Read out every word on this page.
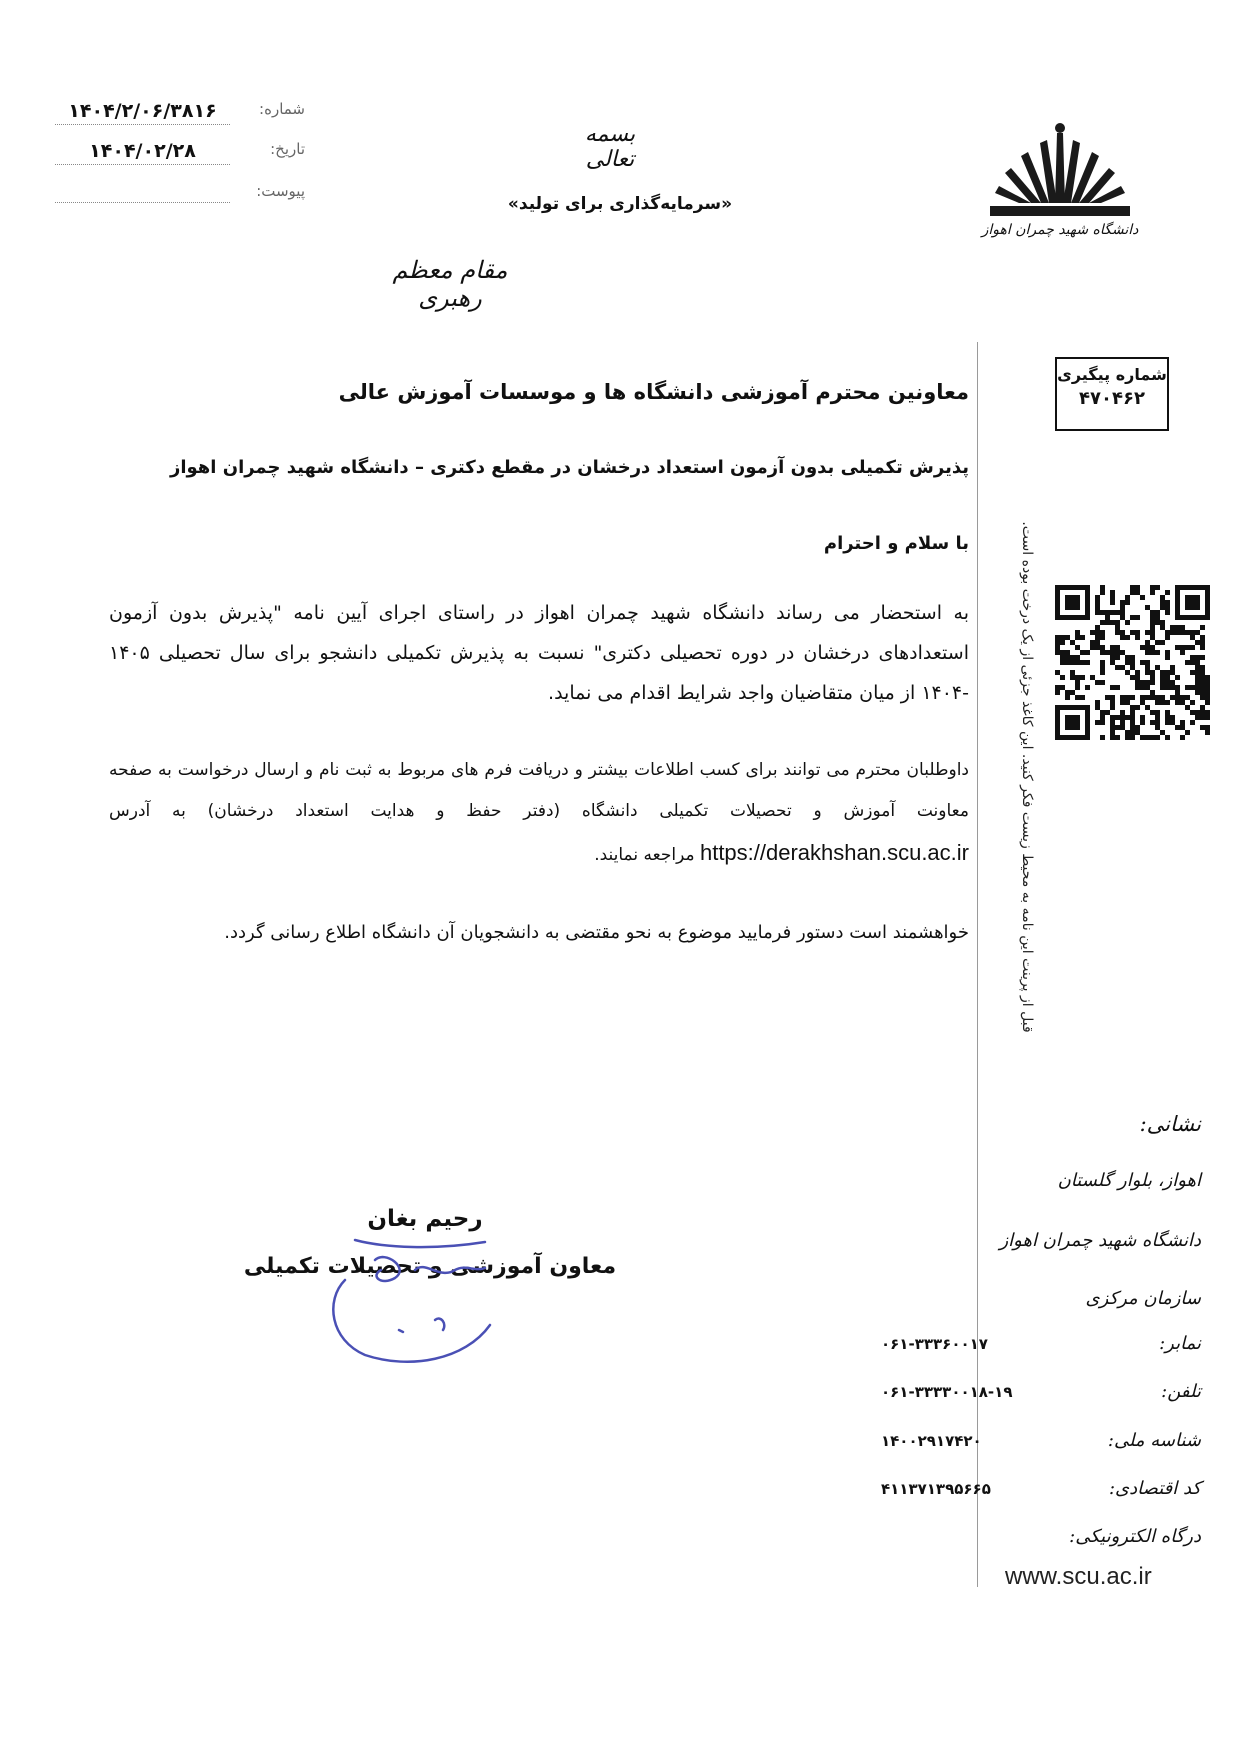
شماره:
۱۴۰۴/۲/۰۶/۳۸۱۶
تاریخ:
۱۴۰۴/۰۲/۲۸
پیوست:
بسمه تعالی
«سرمایه‌گذاری برای تولید»
مقام معظم رهبری
دانشگاه شهید چمران اهواز
شماره پیگیری
۴۷۰۴۶۲
قبل از پرینت این نامه به محیط زیست فکر کنید. این کاغذ جزئی از یک درخت بوده است.
معاونین محترم آموزشی دانشگاه ها و موسسات آموزش عالی
پذیرش تکمیلی بدون آزمون استعداد درخشان در مقطع دکتری – دانشگاه شهید چمران اهواز
با سلام و احترام
به استحضار می رساند دانشگاه شهید چمران اهواز در راستای اجرای آیین نامه "پذیرش بدون آزمون استعدادهای درخشان در دوره تحصیلی دکتری" نسبت به پذیرش تکمیلی دانشجو برای سال تحصیلی ۱۴۰۵ -۱۴۰۴ از میان متقاضیان واجد شرایط اقدام می نماید.
داوطلبان محترم می توانند برای کسب اطلاعات بیشتر و دریافت فرم های مربوط به ثبت نام و ارسال درخواست به صفحه معاونت آموزش و تحصیلات تکمیلی دانشگاه (دفتر حفظ و هدایت استعداد درخشان) به آدرس https://derakhshan.scu.ac.ir مراجعه نمایند.
خواهشمند است دستور فرمایید موضوع به نحو مقتضی به دانشجویان آن دانشگاه اطلاع رسانی گردد.
رحیم بغان
معاون آموزشی و تحصیلات تکمیلی
نشانی:
اهواز، بلوار گلستان
دانشگاه شهید چمران اهواز
سازمان مرکزی
نمابر:
۰۶۱-۳۳۳۶۰۰۱۷
تلفن:
۰۶۱-۳۳۳۳۰۰۱۸-۱۹
شناسه ملی:
۱۴۰۰۲۹۱۷۴۲۰
کد اقتصادی:
۴۱۱۳۷۱۳۹۵۶۶۵
درگاه الکترونیکی:
www.scu.ac.ir
